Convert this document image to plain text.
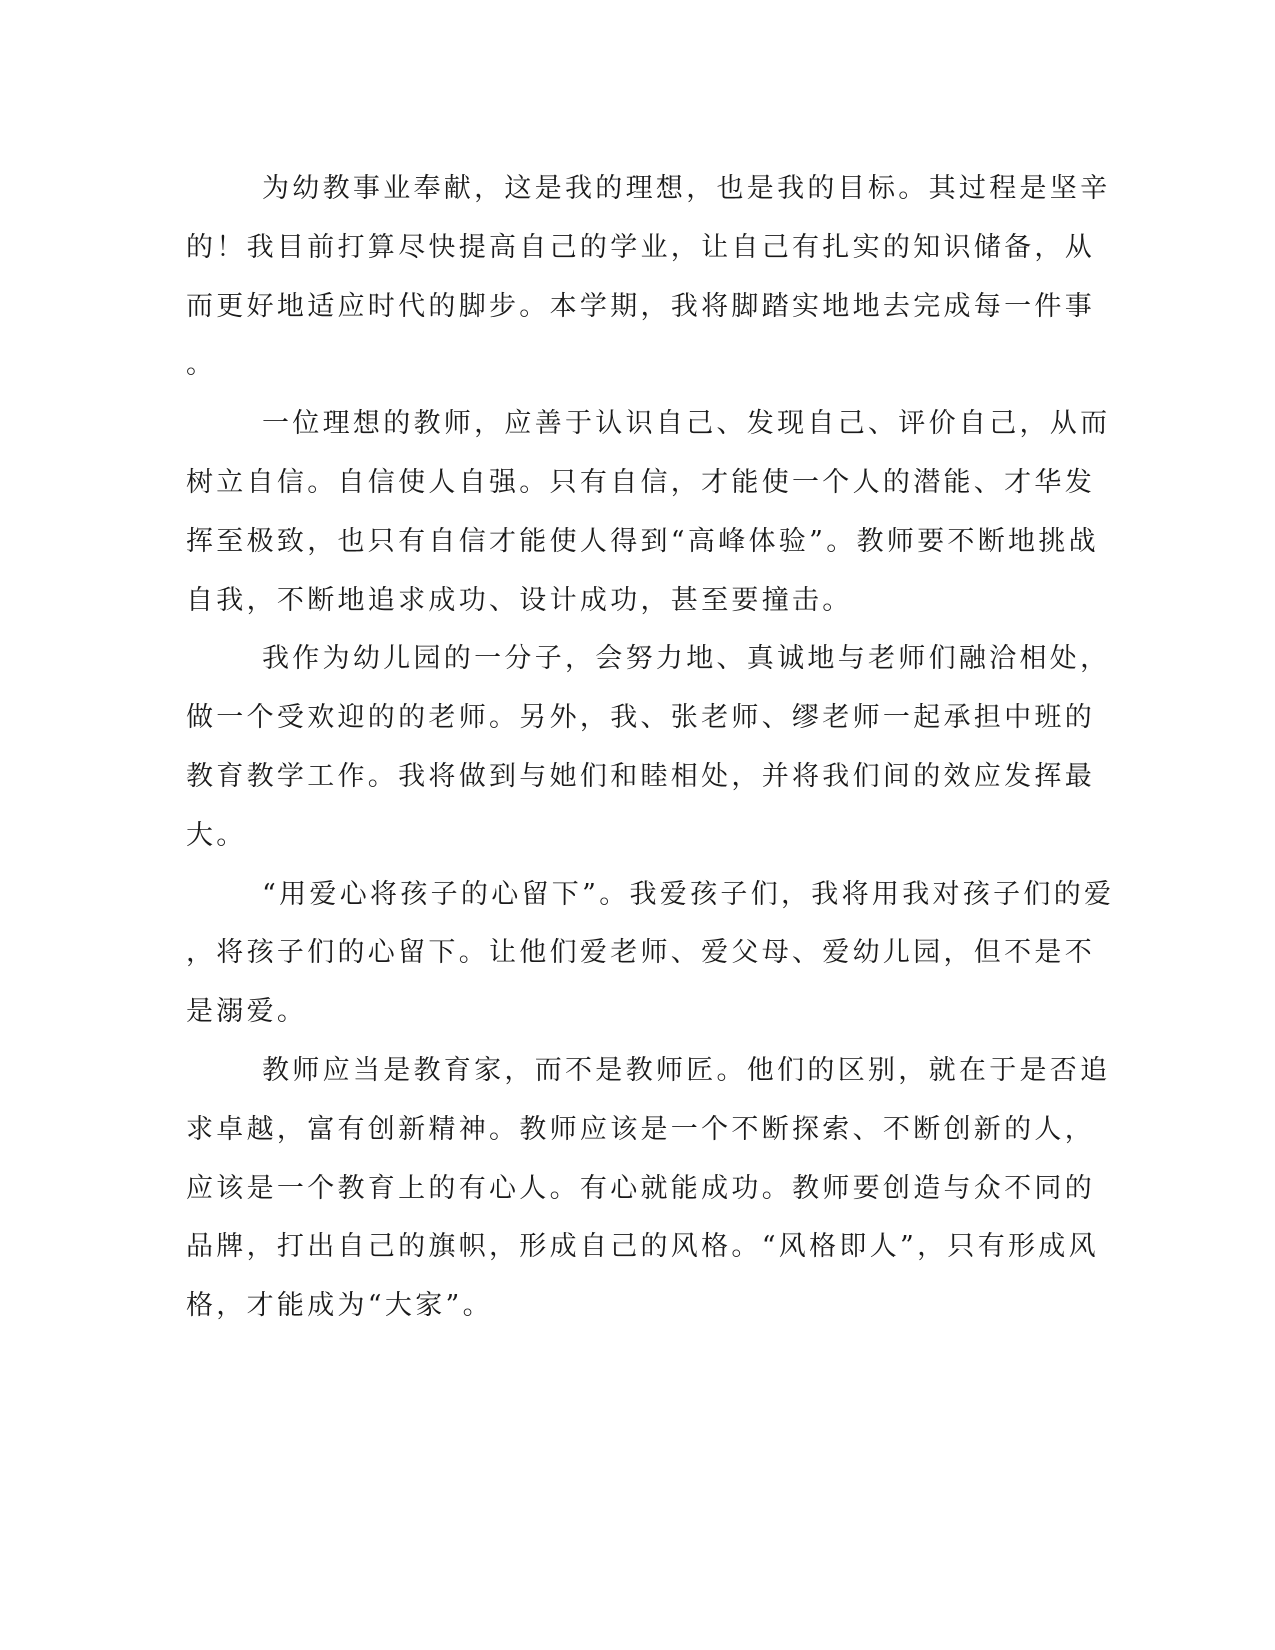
为幼教事业奉献，这是我的理想，也是我的目标。其过程是坚辛
的！我目前打算尽快提高自己的学业，让自己有扎实的知识储备，从
而更好地适应时代的脚步。本学期，我将脚踏实地地去完成每一件事
。
一位理想的教师，应善于认识自己、发现自己、评价自己，从而
树立自信。自信使人自强。只有自信，才能使一个人的潜能、才华发
挥至极致，也只有自信才能使人得到“高峰体验”。教师要不断地挑战
自我，不断地追求成功、设计成功，甚至要撞击。
我作为幼儿园的一分子，会努力地、真诚地与老师们融洽相处，
做一个受欢迎的的老师。另外，我、张老师、缪老师一起承担中班的
教育教学工作。我将做到与她们和睦相处，并将我们间的效应发挥最
大。
“用爱心将孩子的心留下”。我爱孩子们，我将用我对孩子们的爱
，将孩子们的心留下。让他们爱老师、爱父母、爱幼儿园，但不是不
是溺爱。
教师应当是教育家，而不是教师匠。他们的区别，就在于是否追
求卓越，富有创新精神。教师应该是一个不断探索、不断创新的人，
应该是一个教育上的有心人。有心就能成功。教师要创造与众不同的
品牌，打出自己的旗帜，形成自己的风格。“风格即人”，只有形成风
格，才能成为“大家”。
